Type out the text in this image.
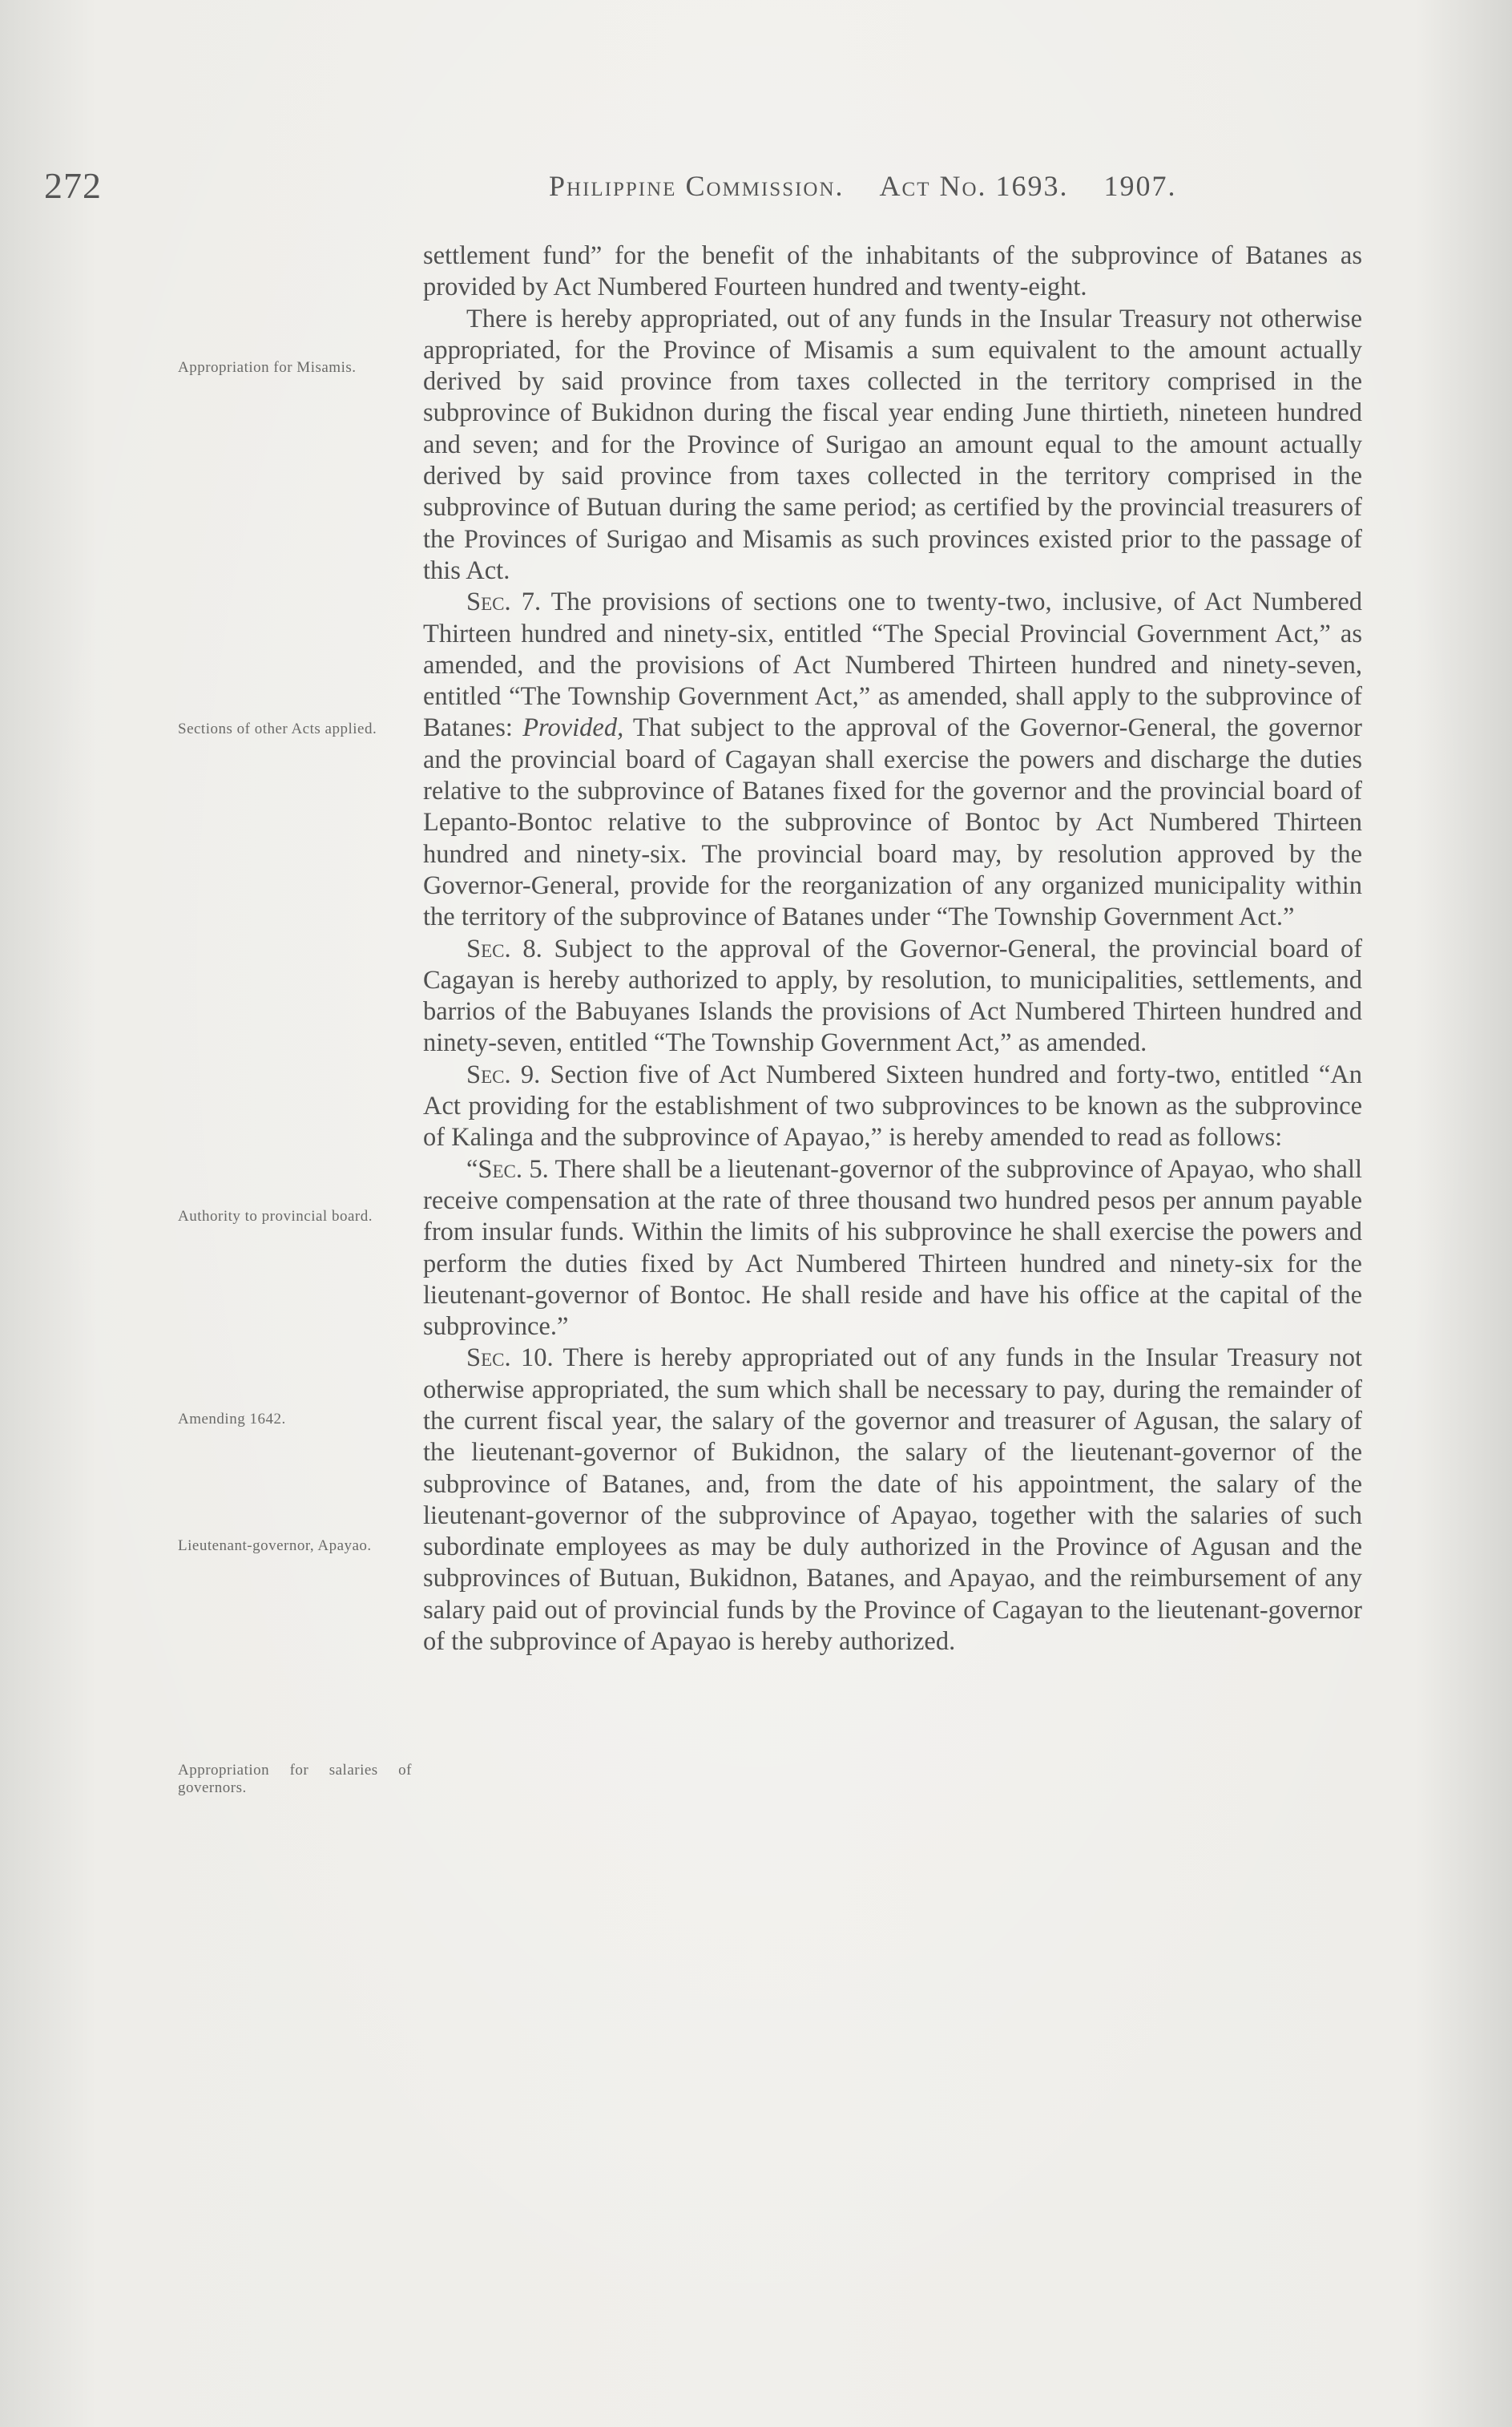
272	Philippine Commission. Act No. 1693. 1907.
Appropriation for Misamis.
Sections of other Acts applied.
Authority to provincial board.
Amending 1642.
Lieutenant-governor, Apayao.
Appropriation for salaries of governors.

settlement fund” for the benefit of the inhabitants of the subprovince of Batanes as provided by Act Numbered Fourteen hundred and twenty-eight.

There is hereby appropriated, out of any funds in the Insular Treasury not otherwise appropriated, for the Province of Misamis a sum equivalent to the amount actually derived by said province from taxes collected in the territory comprised in the subprovince of Bukidnon during the fiscal year ending June thirtieth, nineteen hundred and seven; and for the Province of Surigao an amount equal to the amount actually derived by said province from taxes collected in the territory comprised in the subprovince of Butuan during the same period; as certified by the provincial treasurers of the Provinces of Surigao and Misamis as such provinces existed prior to the passage of this Act.

Sec. 7. The provisions of sections one to twenty-two, inclusive, of Act Numbered Thirteen hundred and ninety-six, entitled “The Special Provincial Government Act,” as amended, and the provisions of Act Numbered Thirteen hundred and ninety-seven, entitled “The Township Government Act,” as amended, shall apply to the subprovince of Batanes: Provided, That subject to the approval of the Governor-General, the governor and the provincial board of Cagayan shall exercise the powers and discharge the duties relative to the subprovince of Batanes fixed for the governor and the provincial board of Lepanto-Bontoc relative to the subprovince of Bontoc by Act Numbered Thirteen hundred and ninety-six. The provincial board may, by resolution approved by the Governor-General, provide for the reorganization of any organized municipality within the territory of the subprovince of Batanes under “The Township Government Act.”

Sec. 8. Subject to the approval of the Governor-General, the provincial board of Cagayan is hereby authorized to apply, by resolution, to municipalities, settlements, and barrios of the Babuyanes Islands the provisions of Act Numbered Thirteen hundred and ninety-seven, entitled “The Township Government Act,” as amended.

Sec. 9. Section five of Act Numbered Sixteen hundred and forty-two, entitled “An Act providing for the establishment of two subprovinces to be known as the subprovince of Kalinga and the subprovince of Apayao,” is hereby amended to read as follows:

“Sec. 5. There shall be a lieutenant-governor of the subprovince of Apayao, who shall receive compensation at the rate of three thousand two hundred pesos per annum payable from insular funds. Within the limits of his subprovince he shall exercise the powers and perform the duties fixed by Act Numbered Thirteen hundred and ninety-six for the lieutenant-governor of Bontoc. He shall reside and have his office at the capital of the subprovince.”

Sec. 10. There is hereby appropriated out of any funds in the Insular Treasury not otherwise appropriated, the sum which shall be necessary to pay, during the remainder of the current fiscal year, the salary of the governor and treasurer of Agusan, the salary of the lieutenant-governor of Bukidnon, the salary of the lieutenant-governor of the subprovince of Batanes, and, from the date of his appointment, the salary of the lieutenant-governor of the subprovince of Apayao, together with the salaries of such subordinate employees as may be duly authorized in the Province of Agusan and the subprovinces of Butuan, Bukidnon, Batanes, and Apayao, and the reimbursement of any salary paid out of provincial funds by the Province of Cagayan to the lieutenant-governor of the subprovince of Apayao is hereby authorized.
